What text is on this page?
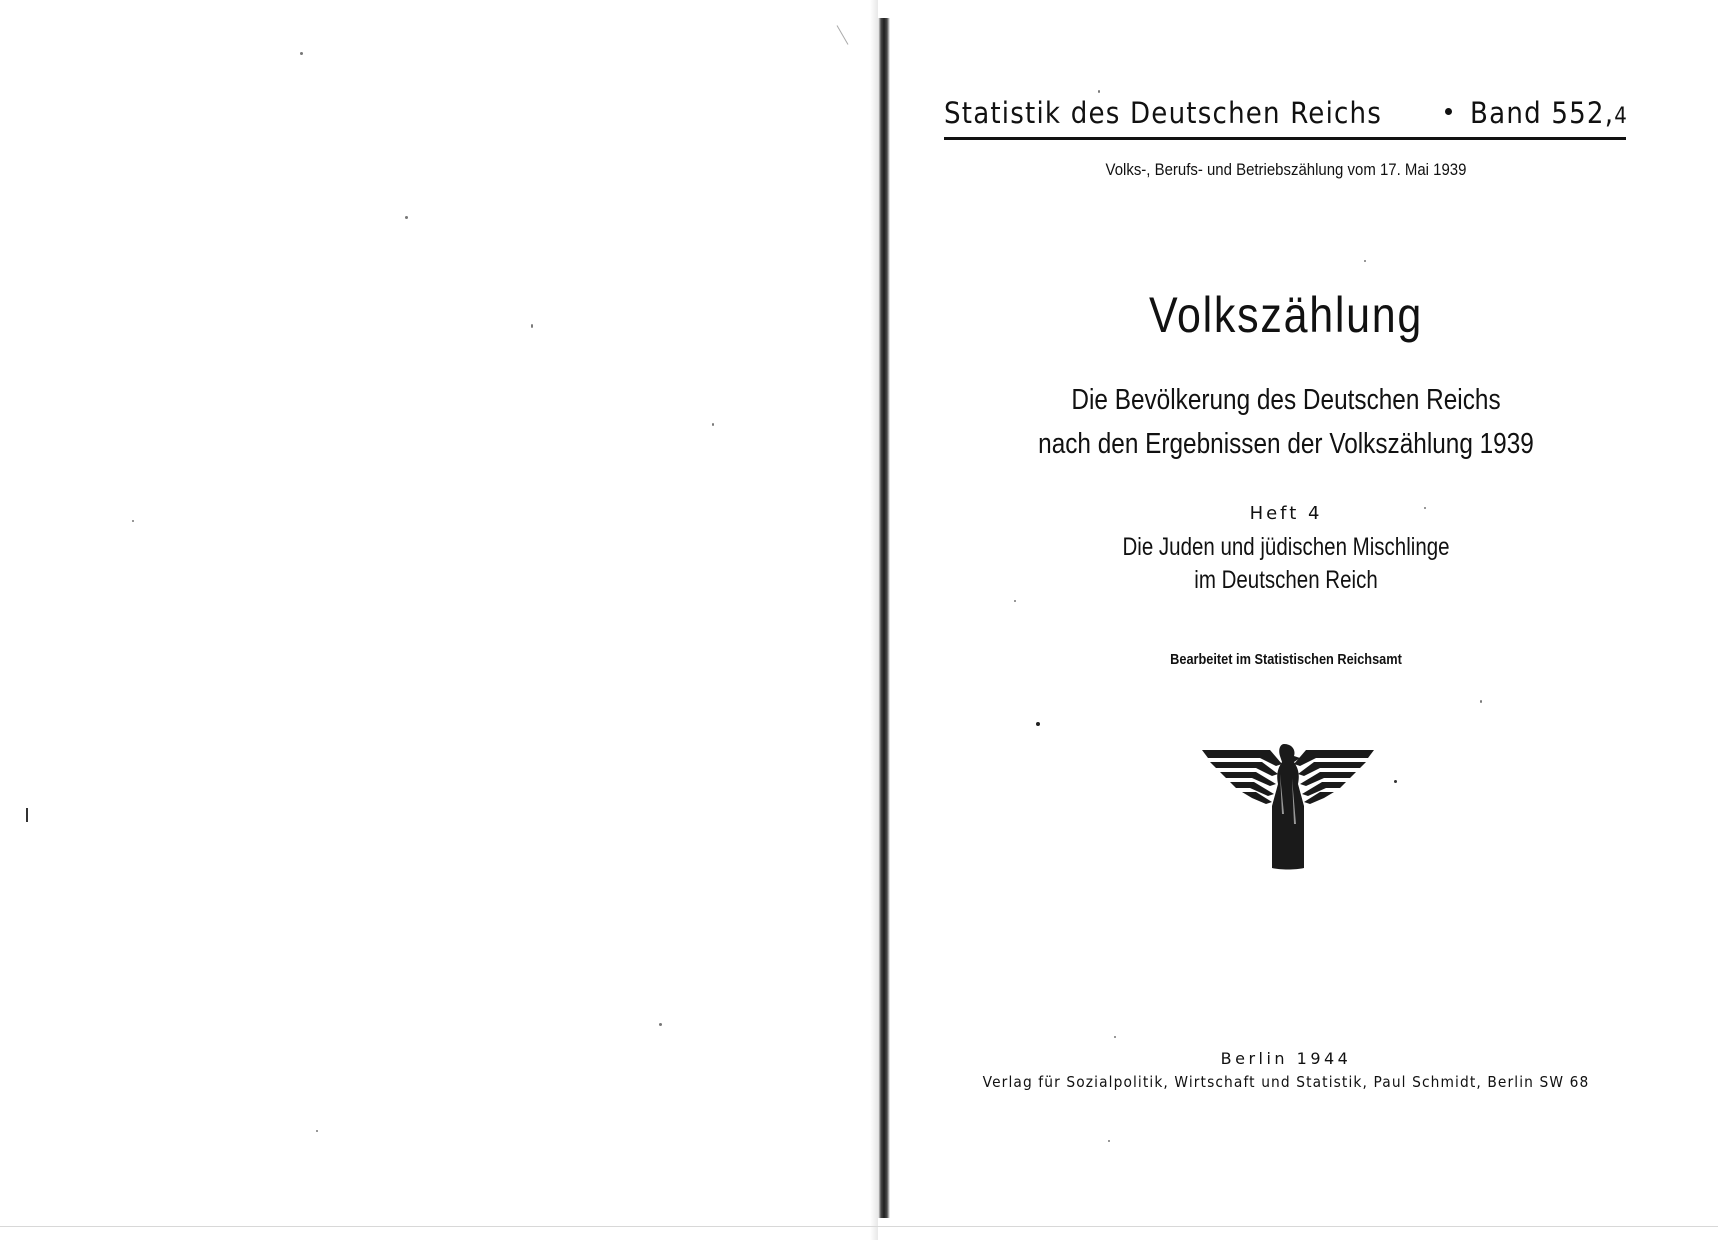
Statistik des Deutschen Reichs	Band 552,4
Volks-, Berufs- und Betriebszählung vom 17. Mai 1939
Volkszählung
Die Bevölkerung des Deutschen Reichs
nach den Ergebnissen der Volkszählung 1939
Heft 4
Die Juden und jüdischen Mischlinge
im Deutschen Reich
Bearbeitet im Statistischen Reichsamt
Berlin 1944
Verlag für Sozialpolitik, Wirtschaft und Statistik, Paul Schmidt, Berlin SW 68
